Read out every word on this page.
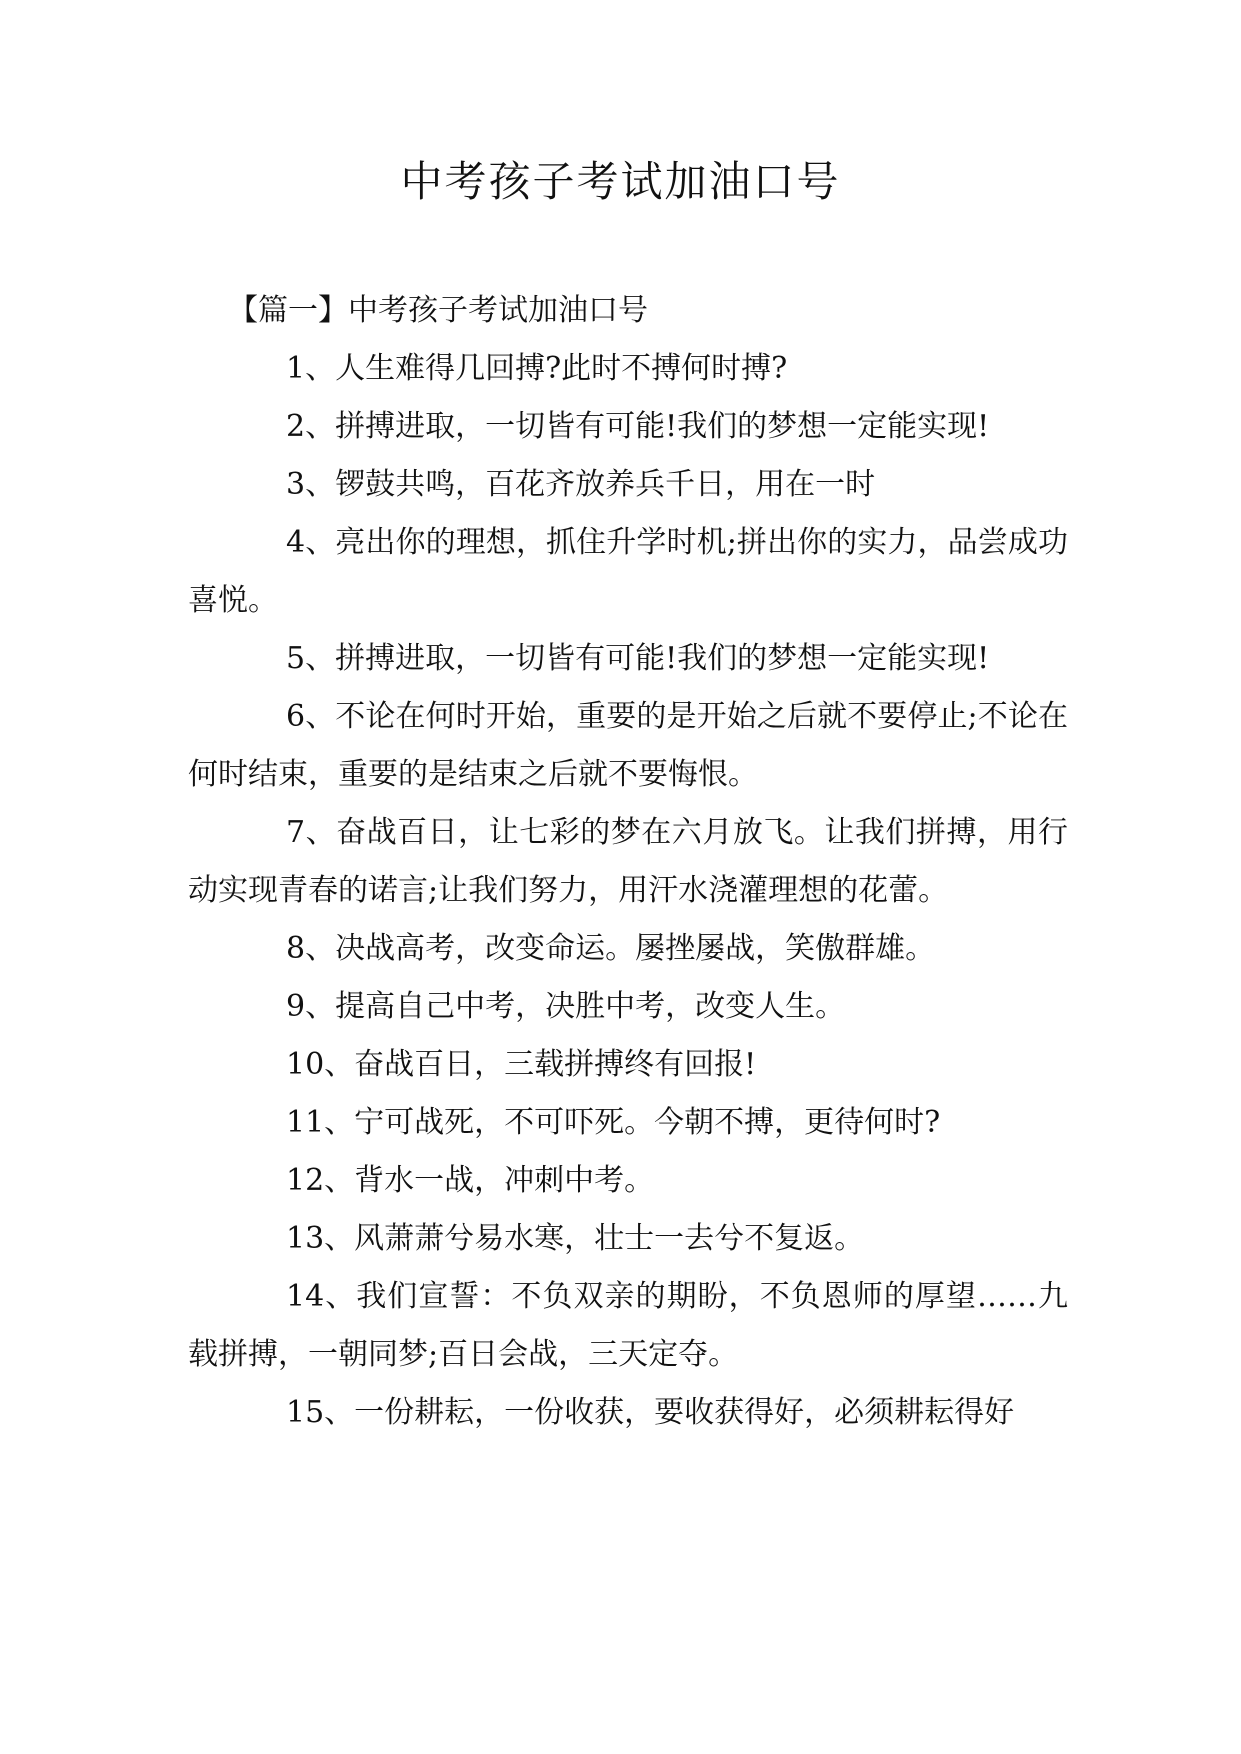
中考孩子考试加油口号

【篇一】中考孩子考试加油口号

1、人生难得几回搏?此时不搏何时搏?

2、拼搏进取，一切皆有可能!我们的梦想一定能实现!

3、锣鼓共鸣，百花齐放养兵千日，用在一时

4、亮出你的理想，抓住升学时机;拼出你的实力，品尝成功喜悦。

5、拼搏进取，一切皆有可能!我们的梦想一定能实现!

6、不论在何时开始，重要的是开始之后就不要停止;不论在何时结束，重要的是结束之后就不要悔恨。

7、奋战百日，让七彩的梦在六月放飞。让我们拼搏，用行动实现青春的诺言;让我们努力，用汗水浇灌理想的花蕾。

8、决战高考，改变命运。屡挫屡战，笑傲群雄。

9、提高自己中考，决胜中考，改变人生。

10、奋战百日，三载拼搏终有回报!

11、宁可战死，不可吓死。今朝不搏，更待何时?

12、背水一战，冲刺中考。

13、风萧萧兮易水寒，壮士一去兮不复返。

14、我们宣誓：不负双亲的期盼，不负恩师的厚望……九载拼搏，一朝同梦;百日会战，三天定夺。

15、一份耕耘，一份收获，要收获得好，必须耕耘得好
